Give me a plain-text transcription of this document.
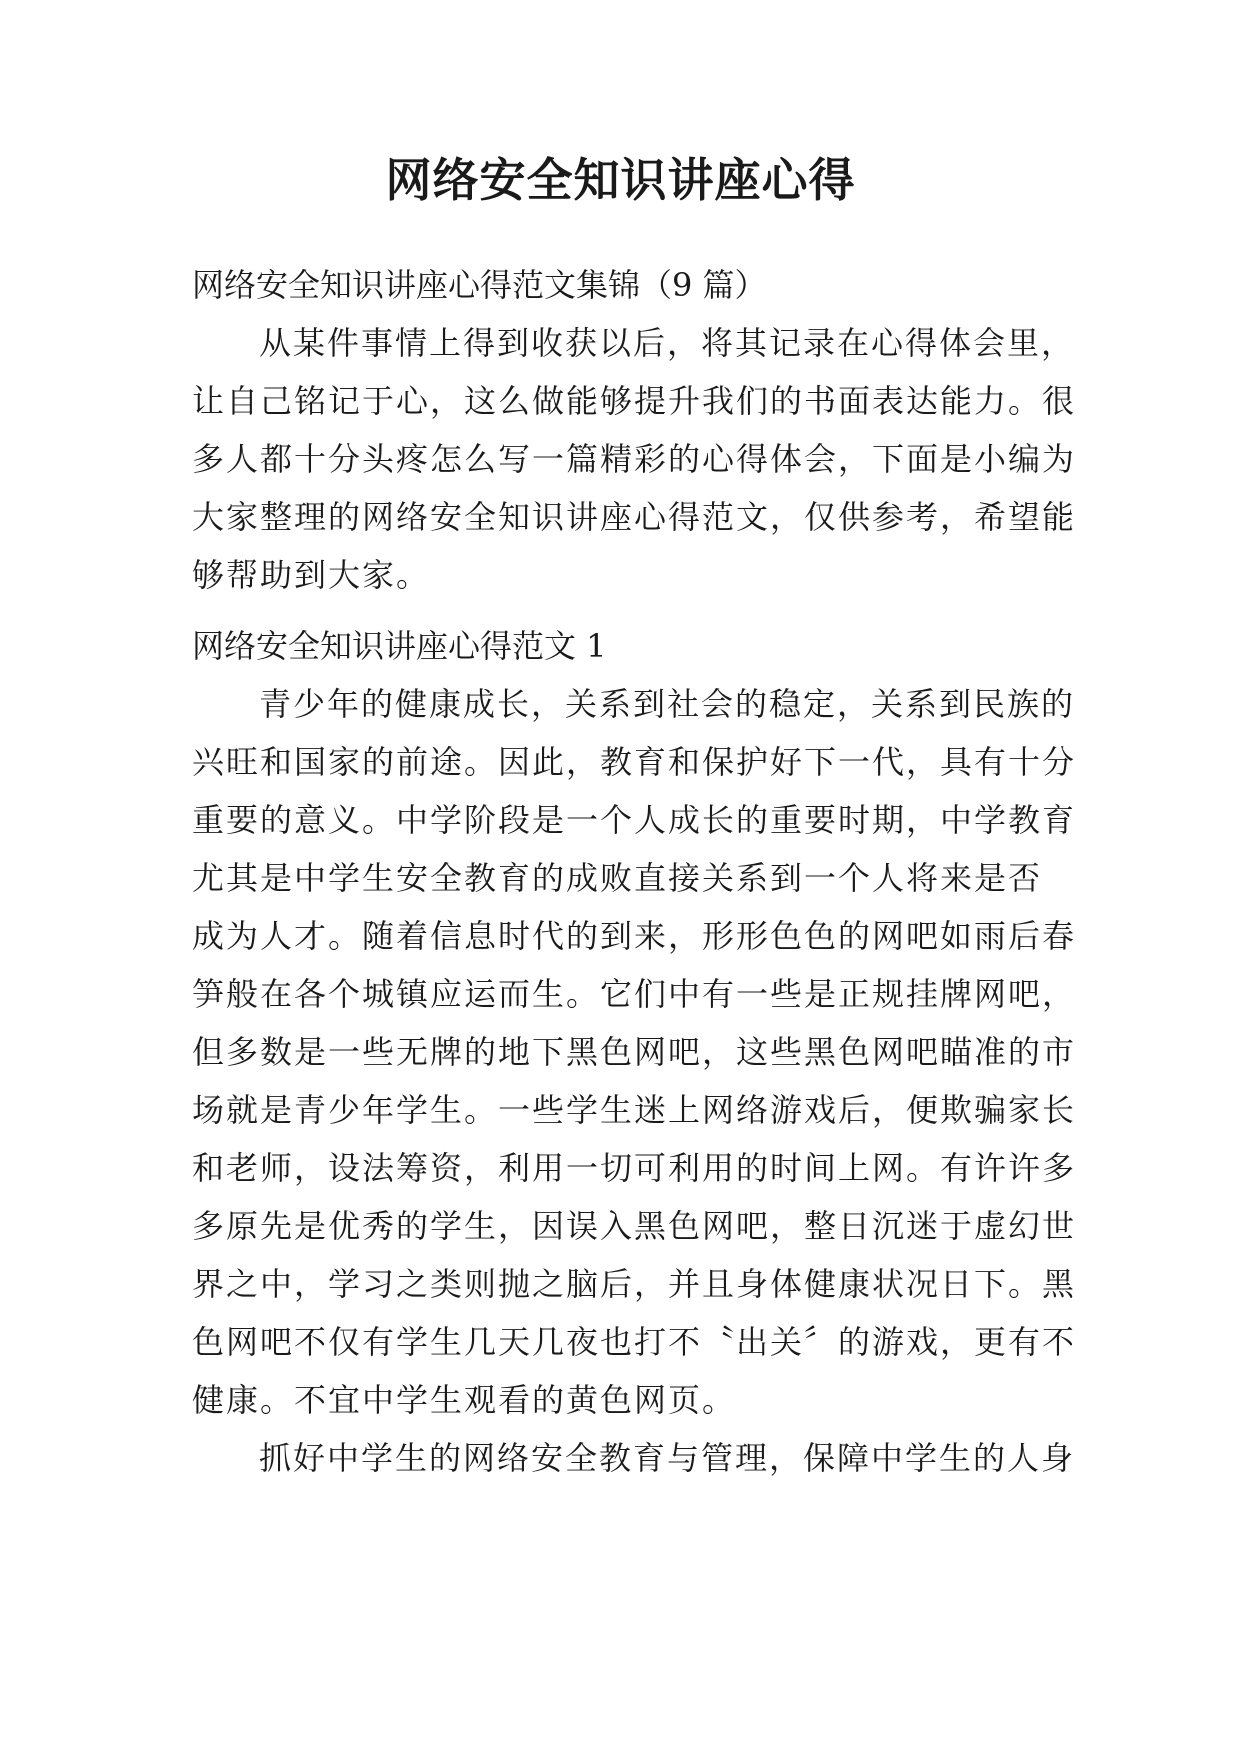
网络安全知识讲座心得
网络安全知识讲座心得范文集锦（9 篇）
从某件事情上得到收获以后，将其记录在心得体会里，
让自己铭记于心，这么做能够提升我们的书面表达能力。很
多人都十分头疼怎么写一篇精彩的心得体会，下面是小编为
大家整理的网络安全知识讲座心得范文，仅供参考，希望能
够帮助到大家。
网络安全知识讲座心得范文 1
青少年的健康成长，关系到社会的稳定，关系到民族的
兴旺和国家的前途。因此，教育和保护好下一代，具有十分
重要的意义。中学阶段是一个人成长的重要时期，中学教育
尤其是中学生安全教育的成败直接关系到一个人将来是否
成为人才。随着信息时代的到来，形形色色的网吧如雨后春
笋般在各个城镇应运而生。它们中有一些是正规挂牌网吧，
但多数是一些无牌的地下黑色网吧，这些黑色网吧瞄准的市
场就是青少年学生。一些学生迷上网络游戏后，便欺骗家长
和老师，设法筹资，利用一切可利用的时间上网。有许许多
多原先是优秀的学生，因误入黑色网吧，整日沉迷于虚幻世
界之中，学习之类则抛之脑后，并且身体健康状况日下。黑
色网吧不仅有学生几天几夜也打不〝出关〞的游戏，更有不
健康。不宜中学生观看的黄色网页。
抓好中学生的网络安全教育与管理，保障中学生的人身
